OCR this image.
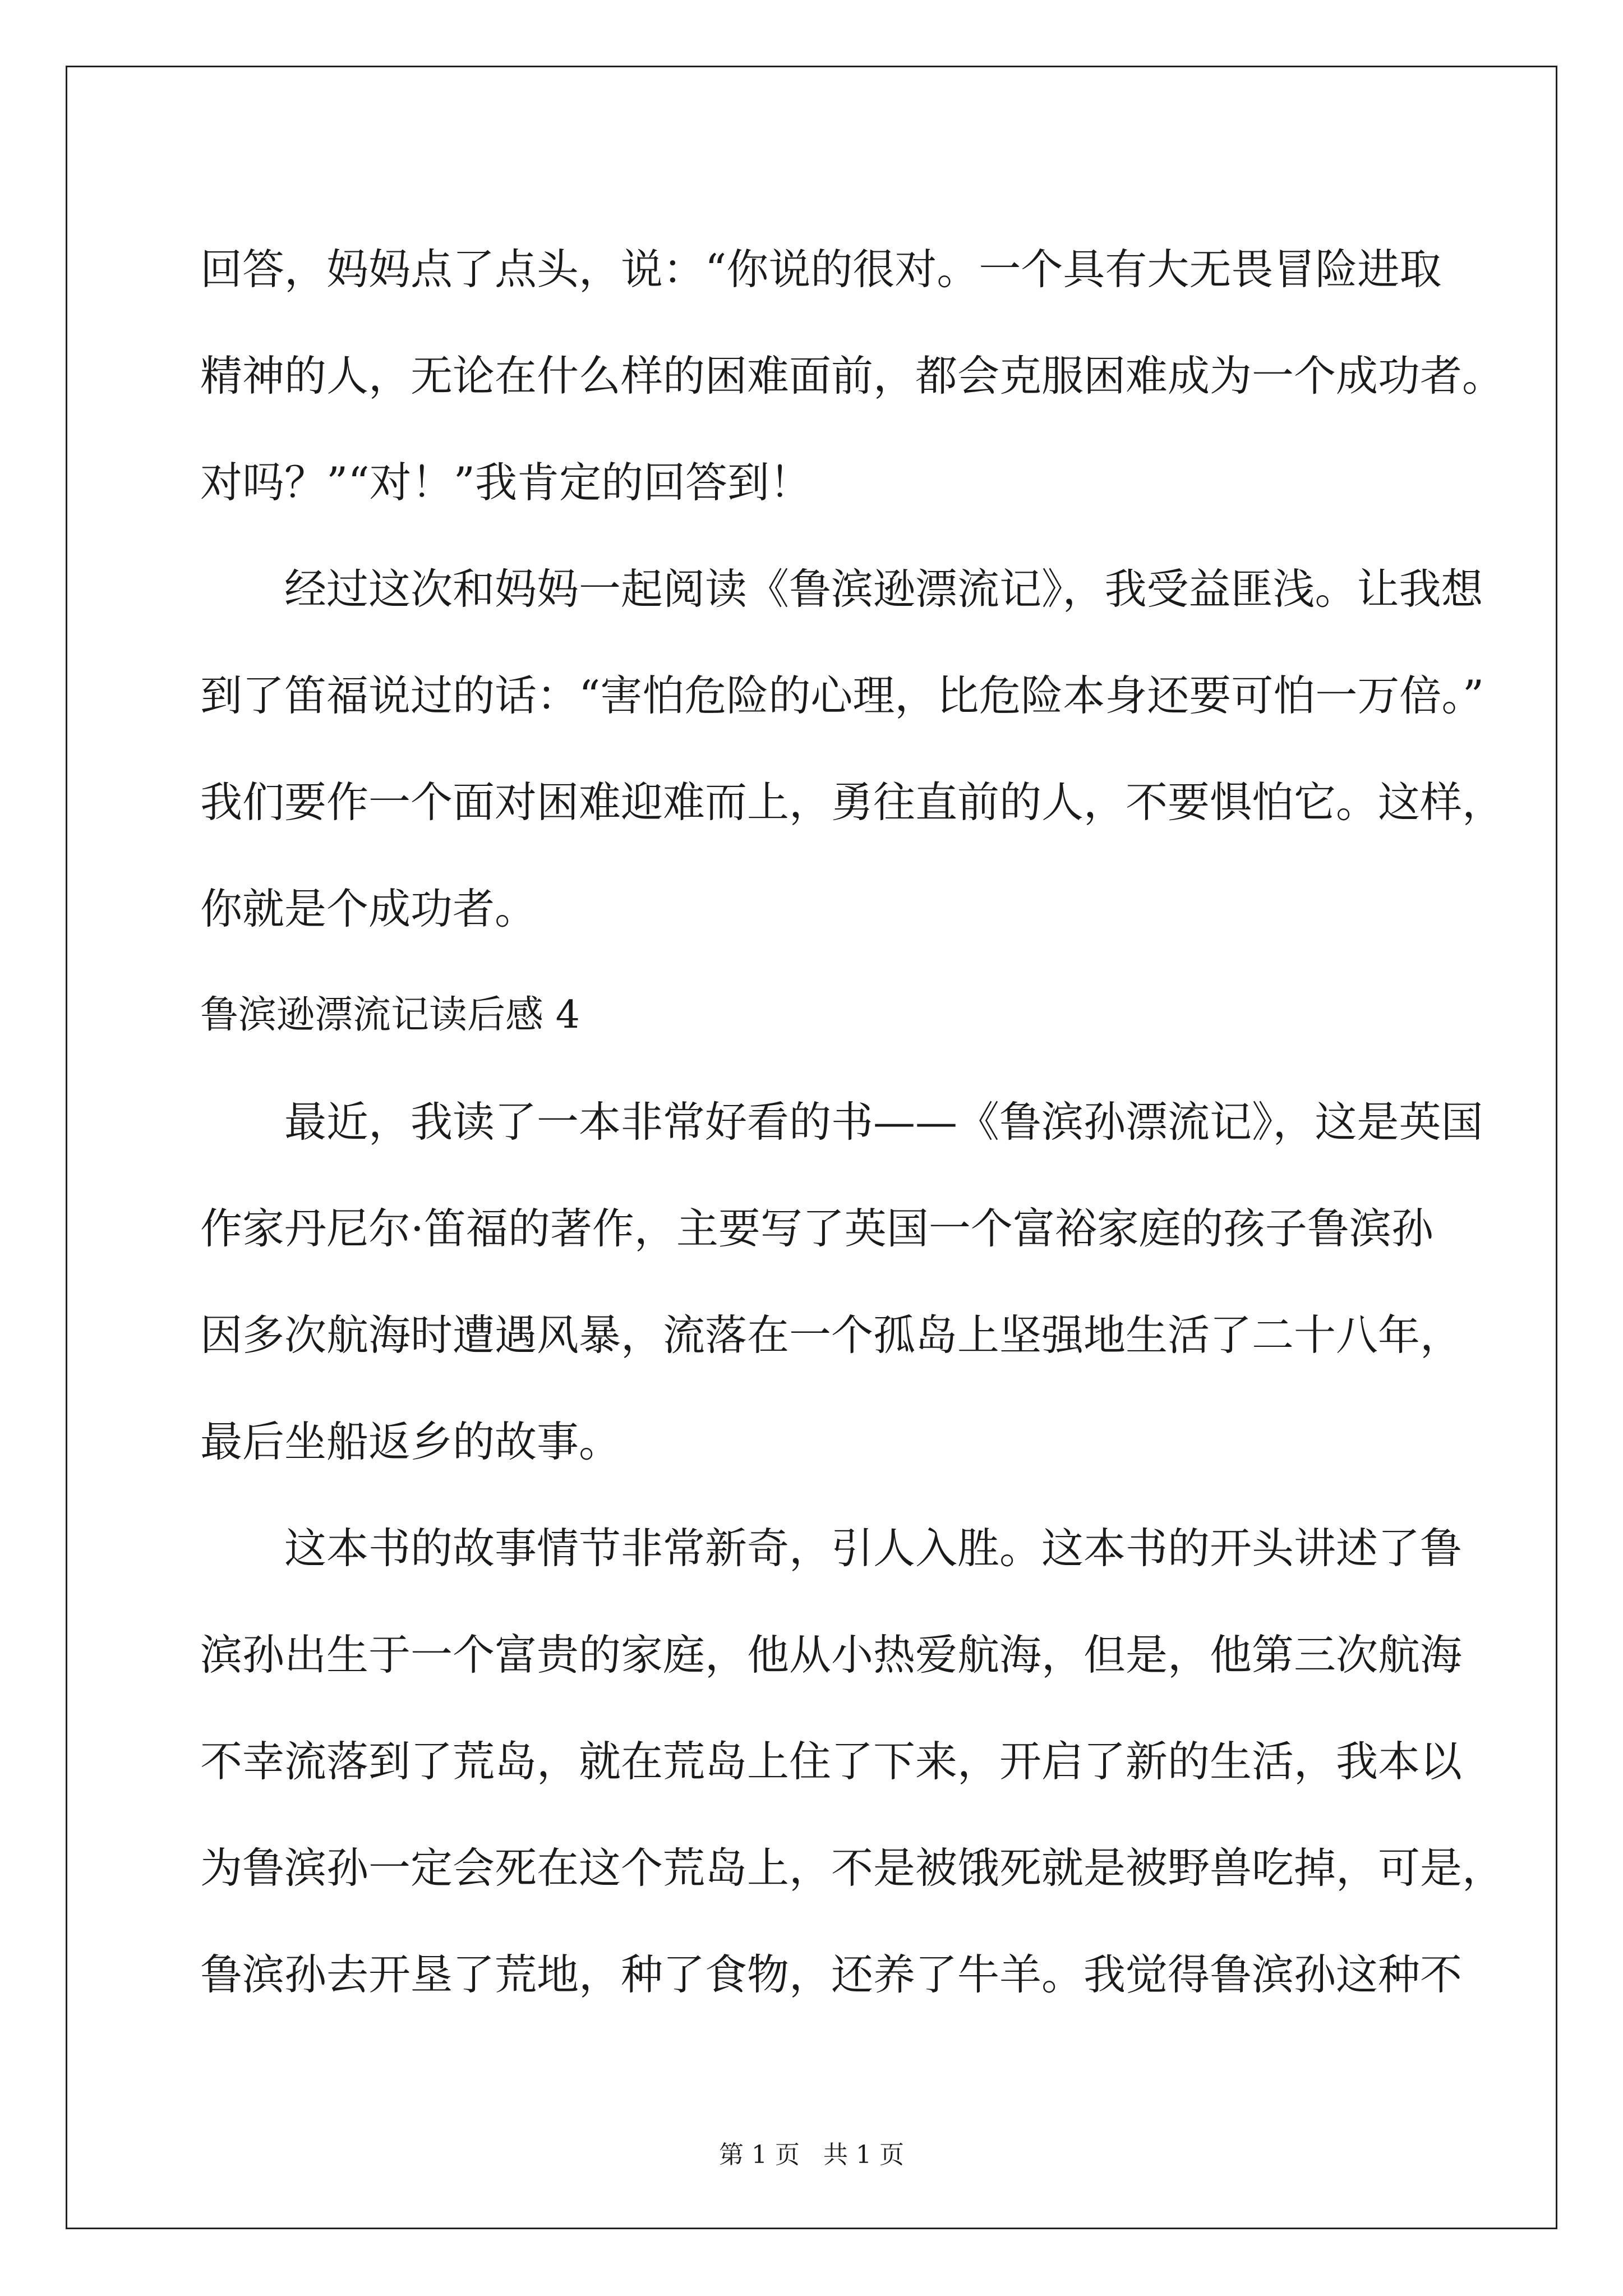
回答，妈妈点了点头，说：“你说的很对。一个具有大无畏冒险进取
精神的人，无论在什么样的困难面前，都会克服困难成为一个成功者。
对吗？”“对！”我肯定的回答到！
经过这次和妈妈一起阅读《鲁滨逊漂流记》，我受益匪浅。让我想
到了笛福说过的话：“害怕危险的心理，比危险本身还要可怕一万倍。”
我们要作一个面对困难迎难而上，勇往直前的人，不要惧怕它。这样，
你就是个成功者。
鲁滨逊漂流记读后感 4
最近，我读了一本非常好看的书——《鲁滨孙漂流记》，这是英国
作家丹尼尔·笛福的著作，主要写了英国一个富裕家庭的孩子鲁滨孙
因多次航海时遭遇风暴，流落在一个孤岛上坚强地生活了二十八年，
最后坐船返乡的故事。
这本书的故事情节非常新奇，引人入胜。这本书的开头讲述了鲁
滨孙出生于一个富贵的家庭，他从小热爱航海，但是，他第三次航海
不幸流落到了荒岛，就在荒岛上住了下来，开启了新的生活，我本以
为鲁滨孙一定会死在这个荒岛上，不是被饿死就是被野兽吃掉，可是，
鲁滨孙去开垦了荒地，种了食物，还养了牛羊。我觉得鲁滨孙这种不
第 1 页   共 1 页
